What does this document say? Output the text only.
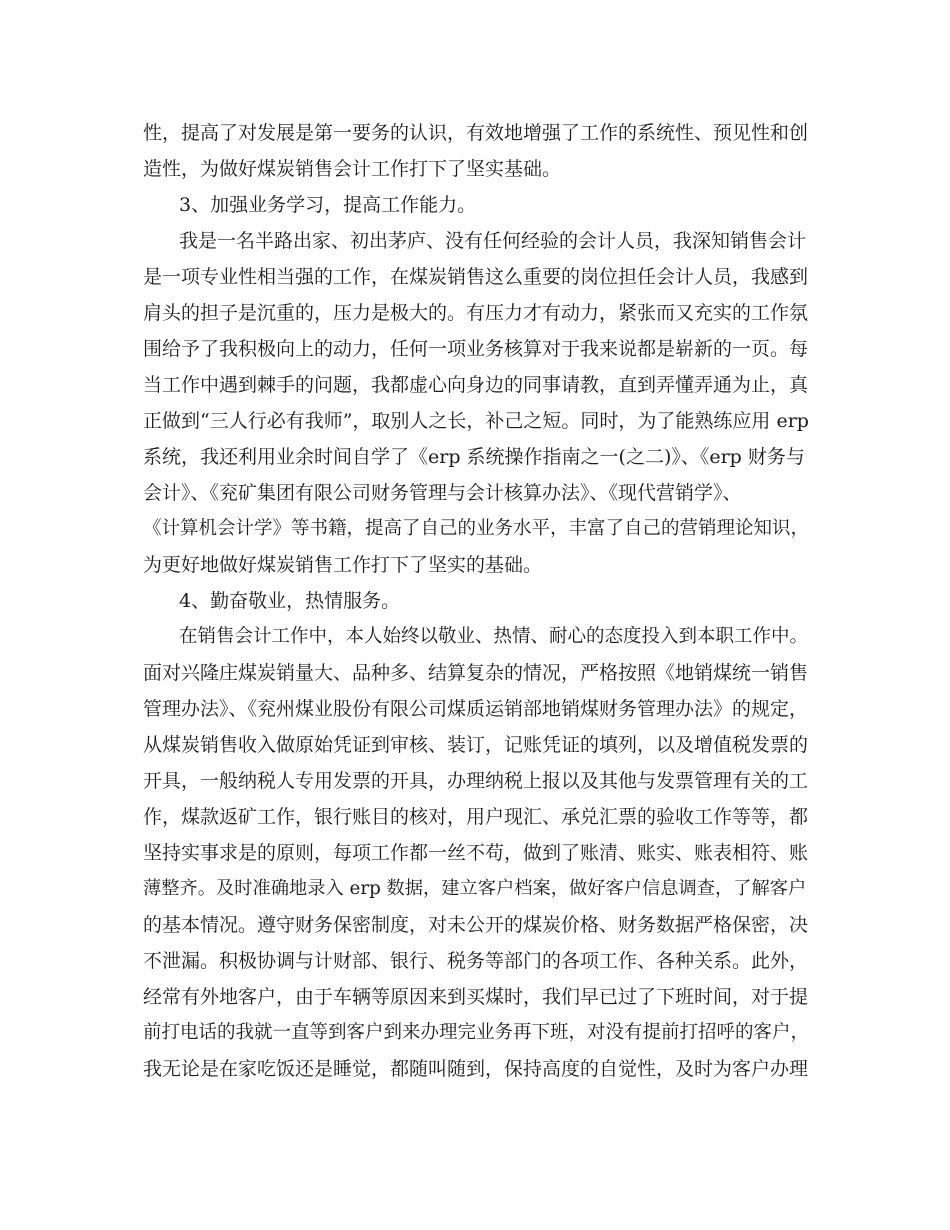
性，提高了对发展是第一要务的认识，有效地增强了工作的系统性、预见性和创
造性，为做好煤炭销售会计工作打下了坚实基础。
3、加强业务学习，提高工作能力。
我是一名半路出家、初出茅庐、没有任何经验的会计人员，我深知销售会计
是一项专业性相当强的工作，在煤炭销售这么重要的岗位担任会计人员，我感到
肩头的担子是沉重的，压力是极大的。有压力才有动力，紧张而又充实的工作氛
围给予了我积极向上的动力，任何一项业务核算对于我来说都是崭新的一页。每
当工作中遇到棘手的问题，我都虚心向身边的同事请教，直到弄懂弄通为止，真
正做到“三人行必有我师”，取别人之长，补己之短。同时，为了能熟练应用 erp
系统，我还利用业余时间自学了《erp 系统操作指南之一(之二)》、《erp 财务与
会计》、《兖矿集团有限公司财务管理与会计核算办法》、《现代营销学》、
《计算机会计学》等书籍，提高了自己的业务水平，丰富了自己的营销理论知识，
为更好地做好煤炭销售工作打下了坚实的基础。
4、勤奋敬业，热情服务。
在销售会计工作中，本人始终以敬业、热情、耐心的态度投入到本职工作中。
面对兴隆庄煤炭销量大、品种多、结算复杂的情况，严格按照《地销煤统一销售
管理办法》、《兖州煤业股份有限公司煤质运销部地销煤财务管理办法》的规定，
从煤炭销售收入做原始凭证到审核、装订，记账凭证的填列，以及增值税发票的
开具，一般纳税人专用发票的开具，办理纳税上报以及其他与发票管理有关的工
作，煤款返矿工作，银行账目的核对，用户现汇、承兑汇票的验收工作等等，都
坚持实事求是的原则，每项工作都一丝不苟，做到了账清、账实、账表相符、账
薄整齐。及时准确地录入 erp 数据，建立客户档案，做好客户信息调查，了解客户
的基本情况。遵守财务保密制度，对未公开的煤炭价格、财务数据严格保密，决
不泄漏。积极协调与计财部、银行、税务等部门的各项工作、各种关系。此外，
经常有外地客户，由于车辆等原因来到买煤时，我们早已过了下班时间，对于提
前打电话的我就一直等到客户到来办理完业务再下班，对没有提前打招呼的客户，
我无论是在家吃饭还是睡觉，都随叫随到，保持高度的自觉性，及时为客户办理
